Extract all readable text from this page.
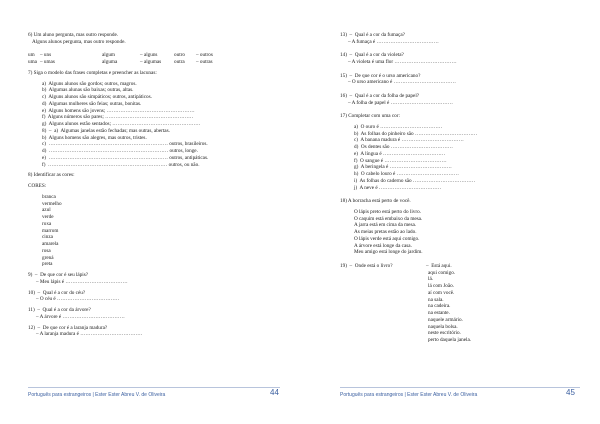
6) Um aluno pergunta, mas outro responde.
Alguns alunos pergunta, mas outro responde.
um	– uns	algum	– alguns	outro	– outros
uma – umas	alguma	– algumas	outra	– outras
7) Siga o modelo das frases completas e preencher as lacunas:
a)  Alguns alunos são gordos; outros, magros.
b)  Algumas alunas são baixas; outras, altas.
c)  Alguns alunos são simpáticos; outros, antipáticos.
d)  Algumas mulheres são feias; outras, bonitas.
e)  Alguns homens são jovens; ……………………………………………
f)  Alguns números são pares; ……………………………………………
g)  Alguns alunos estão sentados; ……………………………………………
8)  –  a)  Algumas janelas estão fechadas; mas outras, abertas.
b)  Alguns homens são alegres, mas outros, tristes.
c)  …………………………………………………………… outros, brasileiros.
d)  …………………………………………………………… outros, longe.
e)  …………………………………………………………… outros, antipáticas.
f)  …………………………………………………………… outros, ou não.
8) Identificar as cores:
CORES:
branca
vermelho
azul
verde
roxa
marrom
cinza
amarela
rosa
grená
preta
9)  –  De que cor é seu lápis?
– Meu lápis é ………………………………
10)  –  Qual é a cor do céu?
– O céu é ………………………………
11)  –  Qual é a cor da árvore?
– A árvore é ………………………………
12)  –  De que cor é a laranja madura?
– A laranja madura é ………………………………
Português para estrangeiros | Ester Ester Abreu V. de Oliveira	44
13)  –  Qual é a cor da fumaça?
– A fumaça é ………………………………
14)  –  Qual é a cor da violeta?
– A violeta é uma flor ………………………………
15)  –  De que cor é o urso americano?
– O urso americano é ………………………………
16)  –  Qual é a cor da folha de papel?
– A folha de papel é ………………………………
17) Completar com uma cor:
a)  O ouro é ………………………………
b)  As folhas do pinheiro são ………………………………
c)  A banana madura é ………………………………
d)  Os dentes são ………………………………
e)  A língua é ………………………………
f)  O sangue é ………………………………
g)  A beringela é ………………………………
h)  O cabelo louro é ………………………………
i)  As folhas do caderno são ………………………………
j)  A neve é ………………………………
18) A borracha está perto de você.
O lápis preto está perto do livro.
O caquim está embaixo da mesa.
A jarra está em cima da mesa.
As meias pretas estão ao lado.
O lápis verde está aqui comigo.
A árvore está longe da casa.
Meu amigo está longe do jardim.
19)  –  Onde está o livro?	–  Está aqui.
aqui comigo.
lá.
lá com João.
aí com você.
na sala.
na cadeira.
na estante.
naquele armário.
naquela bolsa.
neste escritório.
perto daquela janela.
Português para estrangeiros | Ester Ester Abreu V. de Oliveira	45
